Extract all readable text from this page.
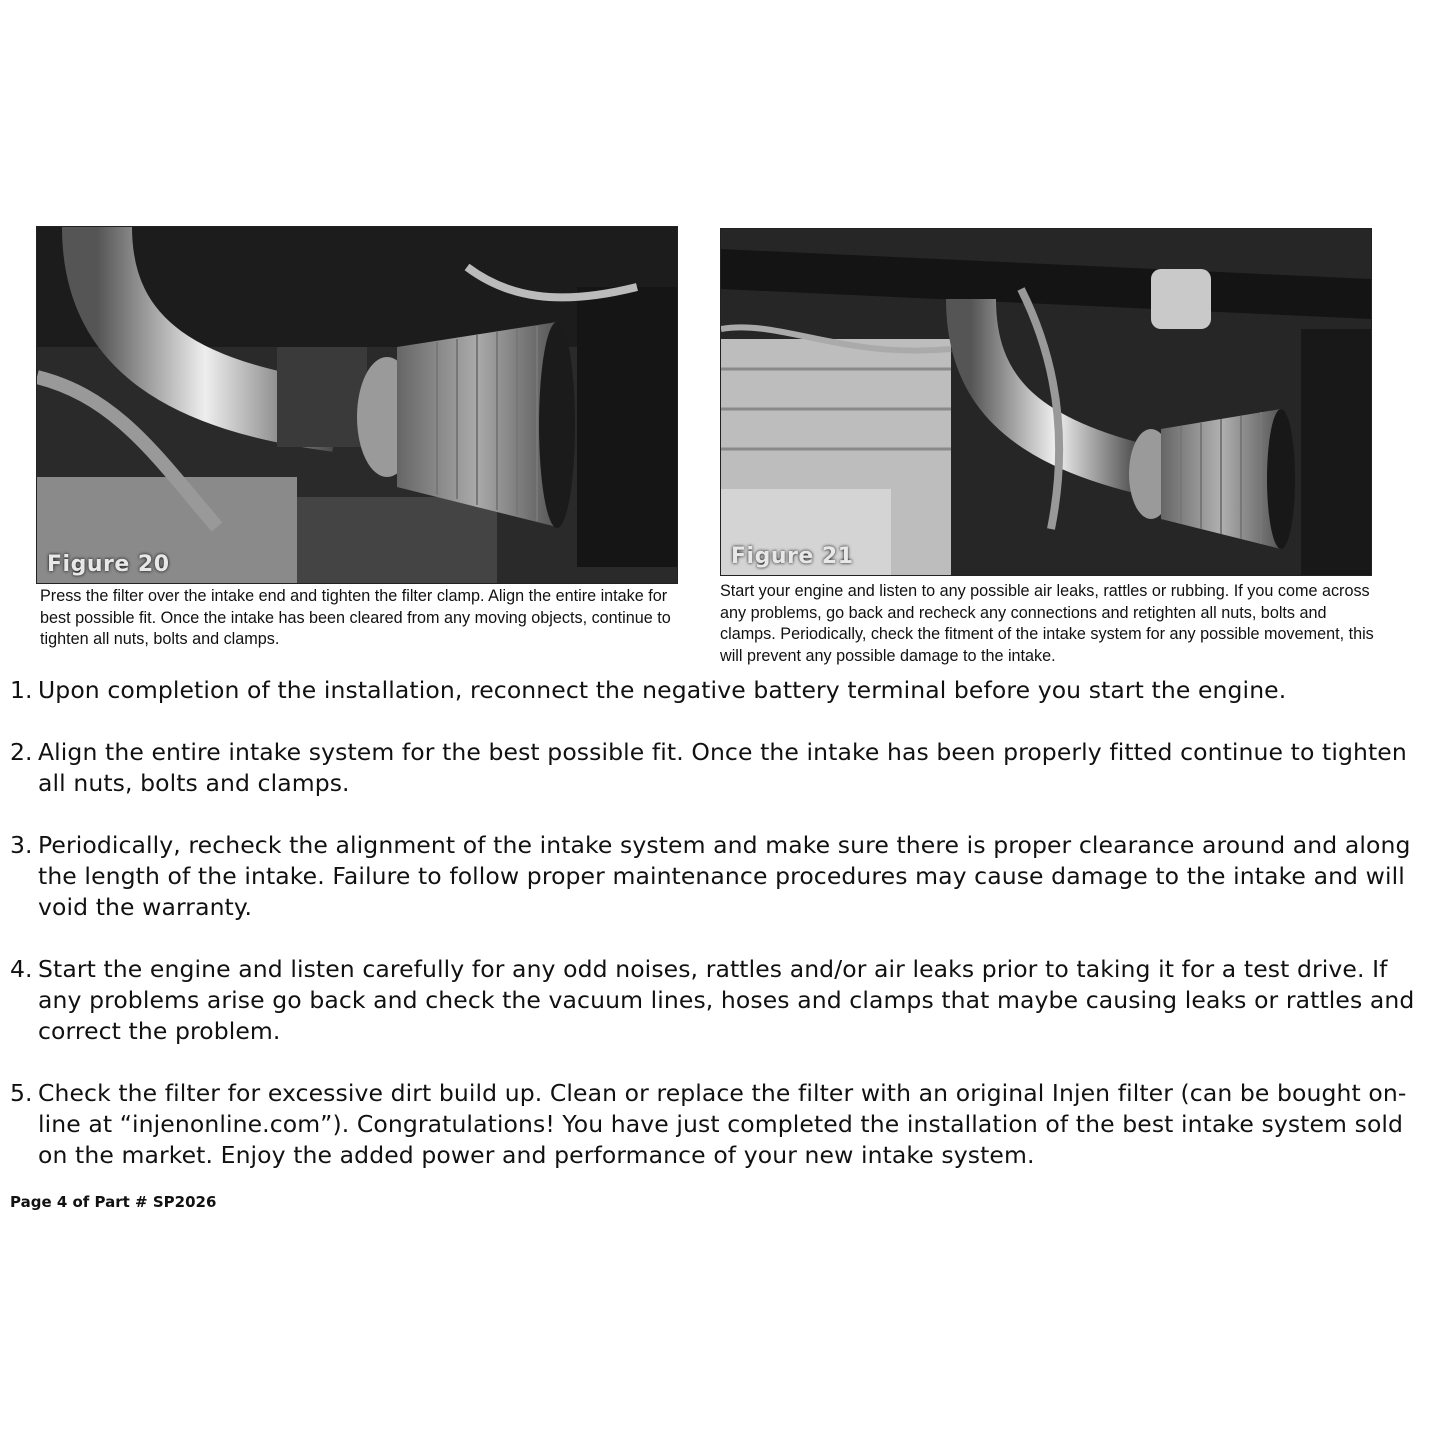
Figure 20
Press the filter over the intake end and tighten the filter clamp. Align the entire intake for best possible fit. Once the intake has been cleared from any moving objects, continue to tighten all nuts, bolts and clamps.
Figure 21
Start your engine and listen to any possible air leaks, rattles or rubbing. If you come across any problems, go back and recheck any connections and retighten all nuts, bolts and clamps. Periodically, check the fitment of the intake system for any possible movement, this will prevent any possible damage to the intake.
1. Upon completion of the installation, reconnect the negative battery terminal before you start the engine.
2. Align the entire intake system for the best possible fit. Once the intake has been properly fitted continue to tighten all nuts, bolts and clamps.
3. Periodically, recheck the alignment of the intake system and make sure there is proper clearance around and along the length of the intake. Failure to follow proper maintenance procedures may cause damage to the intake and will void the warranty.
4. Start the engine and listen carefully for any odd noises, rattles and/or air leaks prior to taking it for a test drive. If any problems arise go back and check the vacuum lines, hoses and clamps that maybe causing leaks or rattles and correct the problem.
5. Check the filter for excessive dirt build up. Clean or replace the filter with an original Injen filter (can be bought on-line at “injenonline.com”). Congratulations! You have just completed the installation of the best intake system sold on the market. Enjoy the added power and performance of your new intake system.
Page 4 of Part # SP2026
